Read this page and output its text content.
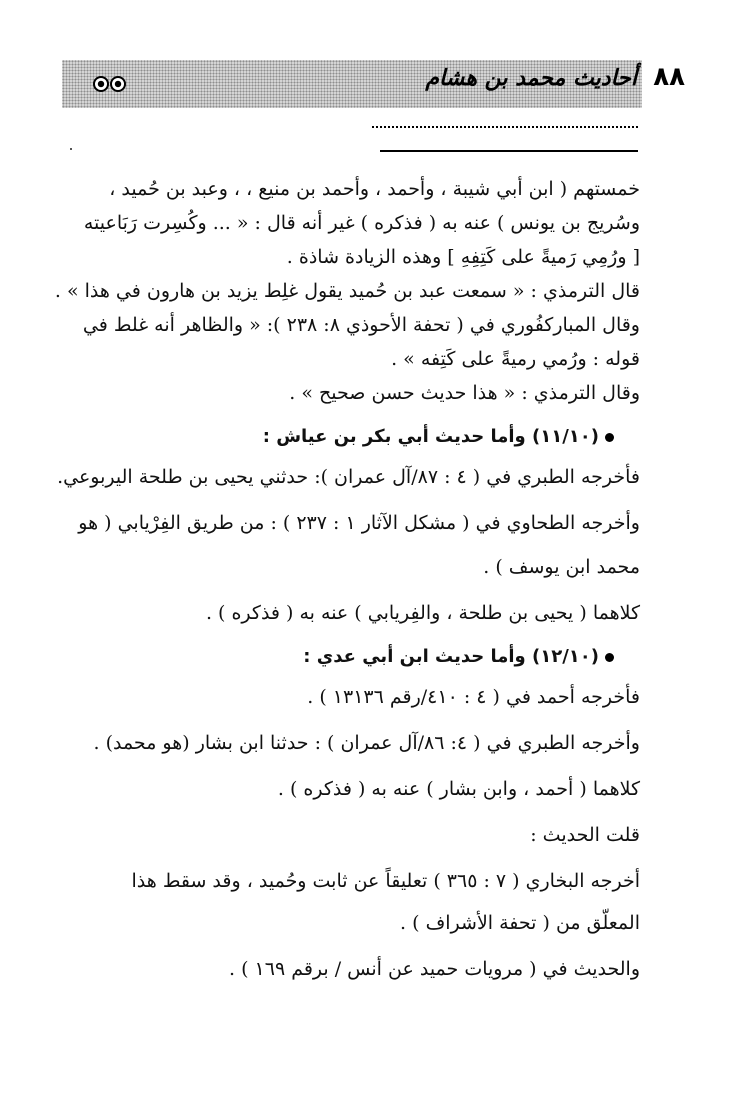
٨٨
أحاديث محمد بن هشام

خمستهم ( ابن أبي شيبة ، وأحمد ، وأحمد بن منيع ، ، وعبد بن حُميد ،
وسُريج بن يونس ) عنه به ( فذكره ) غير أنه قال : « ... وكُسِرت رَبَاعيته
[ ورُمِي رَميةً على كَتِفِهِ ] وهذه الزيادة شاذة .

قال الترمذي : « سمعت عبد بن حُميد يقول غلِط يزيد بن هارون في هذا » .

وقال المباركفُوري في ( تحفة الأحوذي ٨: ٢٣٨ ): « والظاهر أنه غلط في
قوله : ورُمي رميةً على كَتِفه » .

وقال الترمذي : « هذا حديث حسن صحيح » .

(١١/١٠) وأما حديث أبي بكر بن عياش :

فأخرجه الطبري في ( ٤ : ٨٧/آل عمران ): حدثني يحيى بن طلحة اليربوعي.

وأخرجه الطحاوي في ( مشكل الآثار ١ : ٢٣٧ ) : من طريق الفِرْيابي ( هو
محمد ابن يوسف ) .

كلاهما ( يحيى بن طلحة ، والفِريابي ) عنه به ( فذكره ) .

(١٢/١٠) وأما حديث ابن أبي عدي :

فأخرجه أحمد في ( ٤ : ٤١٠/رقم ١٣١٣٦ ) .

وأخرجه الطبري في ( ٤: ٨٦/آل عمران ) : حدثنا ابن بشار (هو محمد) .

كلاهما ( أحمد ، وابن بشار ) عنه به ( فذكره ) .

قلت الحديث :

أخرجه البخاري ( ٧ : ٣٦٥ ) تعليقاً عن ثابت وحُميد ، وقد سقط هذا
المعلّق من ( تحفة الأشراف ) .

والحديث في ( مرويات حميد عن أنس / برقم ١٦٩ ) .
